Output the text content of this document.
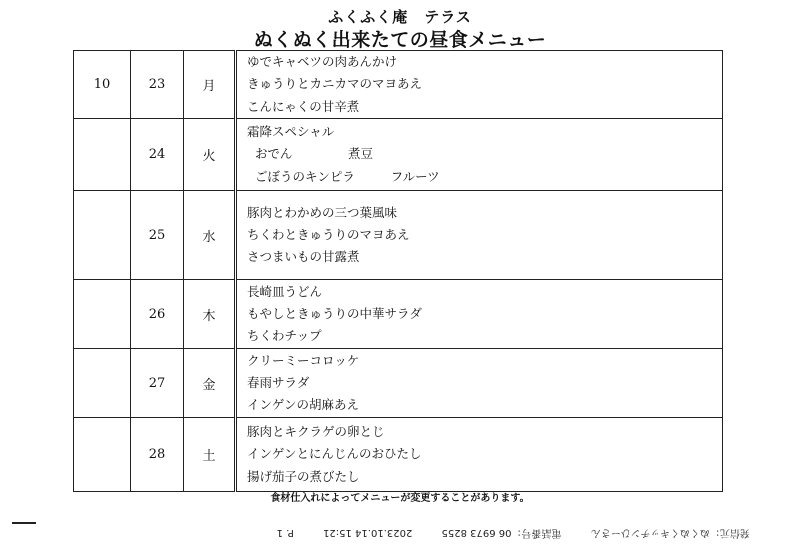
ふくふく庵　テラス
ぬくぬく出来たての昼食メニュー
10	23	月	ゆでキャベツの肉あんかけ
きゅうりとカニカマのマヨあえ
こんにゃくの甘辛煮

	24	火	霜降スペシャル
おでん              煮豆
ごぼうのキンピラ         フルーツ

	25	水	豚肉とわかめの三つ葉風味
ちくわときゅうりのマヨあえ
さつまいもの甘露煮

	26	木	長崎皿うどん
もやしときゅうりの中華サラダ
ちくわチップ

	27	金	クリーミーコロッケ
春雨サラダ
インゲンの胡麻あえ

	28	土	豚肉とキクラゲの卵とじ
インゲンとにんじんのおひたし
揚げ茄子の煮びたし
食材仕入れによってメニューが変更することがあります。
発信元：ぬくぬくキッチンひーさん 電話番号：06 6973 8255 2023.10.14 15:21 P. 1
